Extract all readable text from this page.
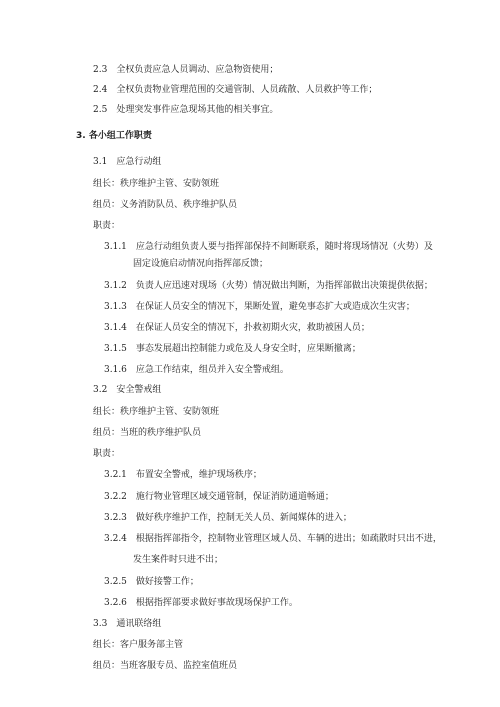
2.3　全权负责应急人员调动、应急物资使用；
2.4　全权负责物业管理范围的交通管制、人员疏散、人员救护等工作；
2.5　处理突发事件应急现场其他的相关事宜。
3. 各小组工作职责
3.1　应急行动组
组长：秩序维护主管、安防领班
组员：义务消防队员、秩序维护队员
职责：
3.1.1　应急行动组负责人要与指挥部保持不间断联系，随时将现场情况（火势）及
固定设施启动情况向指挥部反馈；
3.1.2　负责人应迅速对现场（火势）情况做出判断，为指挥部做出决策提供依据；
3.1.3　在保证人员安全的情况下，果断处置，避免事态扩大或造成次生灾害；
3.1.4　在保证人员安全的情况下，扑救初期火灾，救助被困人员；
3.1.5　事态发展超出控制能力或危及人身安全时，应果断撤离；
3.1.6　应急工作结束，组员并入安全警戒组。
3.2　安全警戒组
组长：秩序维护主管、安防领班
组员：当班的秩序维护队员
职责：
3.2.1　布置安全警戒，维护现场秩序；
3.2.2　施行物业管理区域交通管制，保证消防通道畅通；
3.2.3　做好秩序维护工作，控制无关人员、新闻媒体的进入；
3.2.4　根据指挥部指令，控制物业管理区域人员、车辆的进出；如疏散时只出不进，
发生案件时只进不出；
3.2.5　做好接警工作；
3.2.6　根据指挥部要求做好事故现场保护工作。
3.3　通讯联络组
组长：客户服务部主管
组员：当班客服专员、监控室值班员
